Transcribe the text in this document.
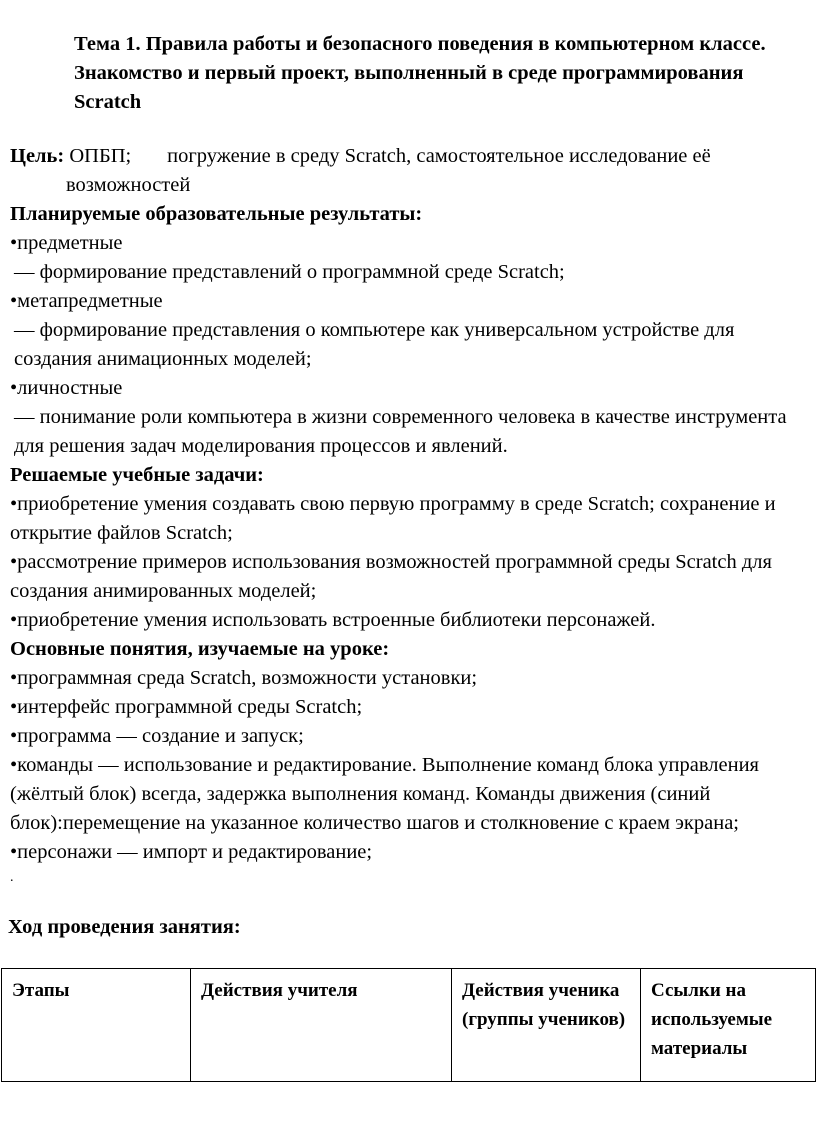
Тема 1. Правила работы и безопасного поведения в компьютерном классе. Знакомство и первый проект, выполненный в среде программирования Scratch

Цель: ОПБП;       погружение в среду Scratch, самостоятельное исследование её

возможностей

Планируемые образовательные результаты:

•предметные

— формирование представлений о программной среде Scratch;

•метапредметные

— формирование представления о компьютере как универсальном устройстве для создания анимационных моделей;

•личностные

— понимание роли компьютера в жизни современного человека в качестве инструмента для решения задач моделирования процессов и явлений.

Решаемые учебные задачи:

•приобретение умения создавать свою первую программу в среде Scratch; сохранение и открытие файлов Scratch;

•рассмотрение примеров использования возможностей программной среды Scratch для создания анимированных моделей;

•приобретение умения использовать встроенные библиотеки персонажей.

Основные понятия, изучаемые на уроке:

•программная среда Scratch, возможности установки;

•интерфейс программной среды Scratch;

•программа — создание и запуск;

•команды — использование и редактирование. Выполнение команд блока управления (жёлтый блок) всегда, задержка выполнения команд. Команды движения (синий блок):перемещение на указанное количество шагов и столкновение с краем экрана;

•персонажи — импорт и редактирование;

.

Ход проведения занятия:
Этапы	Действия учителя	Действия ученика (группы учеников)	Ссылки на используемые материалы
